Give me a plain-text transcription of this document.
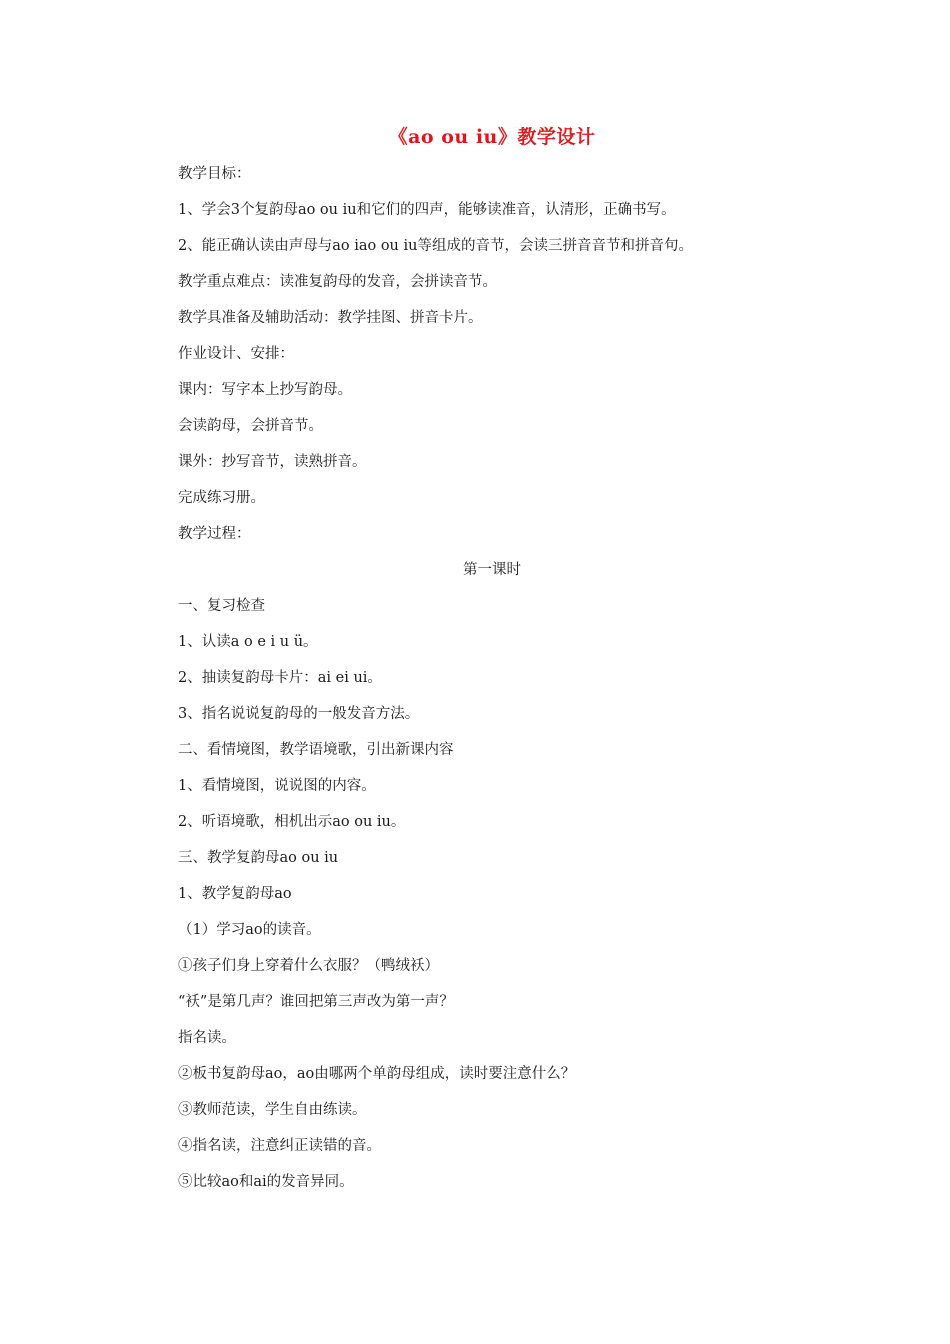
《ao ou iu》教学设计
教学目标：
1、学会3个复韵母ao ou iu和它们的四声，能够读准音，认清形，正确书写。
2、能正确认读由声母与ao iao ou iu等组成的音节，会读三拼音音节和拼音句。
教学重点难点：读准复韵母的发音，会拼读音节。
教学具准备及辅助活动：教学挂图、拼音卡片。
作业设计、安排：
课内：写字本上抄写韵母。
会读韵母，会拼音节。
课外：抄写音节，读熟拼音。
完成练习册。
教学过程：
第一课时
一、复习检查
1、认读a o e i u ü。
2、抽读复韵母卡片：ai ei ui。
3、指名说说复韵母的一般发音方法。
二、看情境图，教学语境歌，引出新课内容
1、看情境图，说说图的内容。
2、听语境歌，相机出示ao ou iu。
三、教学复韵母ao ou iu
1、教学复韵母ao
（1）学习ao的读音。
①孩子们身上穿着什么衣服？（鸭绒袄）
“袄”是第几声？谁回把第三声改为第一声？
指名读。
②板书复韵母ao，ao由哪两个单韵母组成，读时要注意什么？
③教师范读，学生自由练读。
④指名读，注意纠正读错的音。
⑤比较ao和ai的发音异同。
